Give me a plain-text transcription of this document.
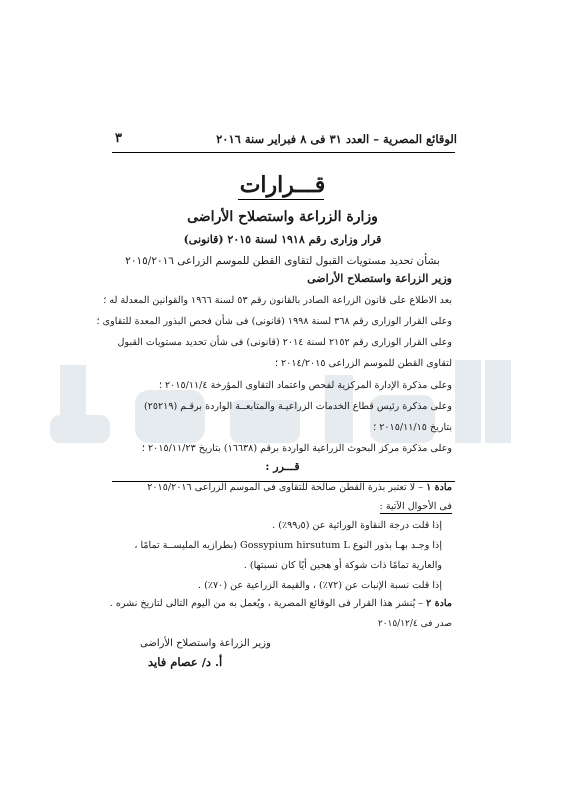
الوقائع المصرية – العدد ٣١ فى ٨ فبراير سنة ٢٠١٦
٣
قـــرارات
وزارة الزراعة واستصلاح الأراضى
قرار وزارى رقم ١٩١٨ لسنة ٢٠١٥ (قانونى)
بشأن تحديد مستويات القبول لتقاوى القطن للموسم الزراعى ٢٠١٥/٢٠١٦
وزير الزراعة واستصلاح الأراضى
بعد الاطلاع على قانون الزراعة الصادر بالقانون رقم ٥٣ لسنة ١٩٦٦ والقوانين المعدلة له ؛
وعلى القرار الوزارى رقم ٣٦٨ لسنة ١٩٩٨ (قانونى) فى شأن فحص البذور المعدة للتقاوى ؛
وعلى القرار الوزارى رقم ٢١٥٢ لسنة ٢٠١٤ (قانونى) فى شأن تحديد مستويات القبول
لتقاوى القطن للموسم الزراعى ٢٠١٤/٢٠١٥ ؛
وعلى مذكرة الإدارة المركزية لفحص واعتماد التقاوى المؤرخة ٢٠١٥/١١/٤ ؛
وعلى مذكرة رئيس قطاع الخدمات الزراعيـة والمتابعــة الواردة برقـم (٢٥٢١٩)
بتاريخ ٢٠١٥/١١/١٥ ؛
وعلى مذكرة مركز البحوث الزراعية الواردة برقم (١٦٦٣٨) بتاريخ ٢٠١٥/١١/٢٣ ؛
قـــرر :
مادة ١ – لا تعتبر بذرة القطن صالحة للتقاوى فى الموسم الزراعى ٢٠١٥/٢٠١٦
فى الأحوال الآتية :
إذا قلت درجة النقاوة الوراثية عن (٩٩٫٥٪) .
إذا وجـد بهـا بذور النوع Gossypium hirsutum L (بطرازيه المليســة تمامًا ،
والعارية تمامًا ذات شوكة أو هجين أيًا كان نسبتها) .
إذا قلت نسبة الإنبات عن (٧٢٪) ، والقيمة الزراعية عن (٧٠٪) .
مادة ٢ – يُنشر هذا القرار فى الوقائع المصرية ، ويُعمل به من اليوم التالى لتاريخ نشره .
صدر فى ٢٠١٥/١٢/٤
وزير الزراعة واستصلاح الأراضى
أ. د/ عصام فايد
